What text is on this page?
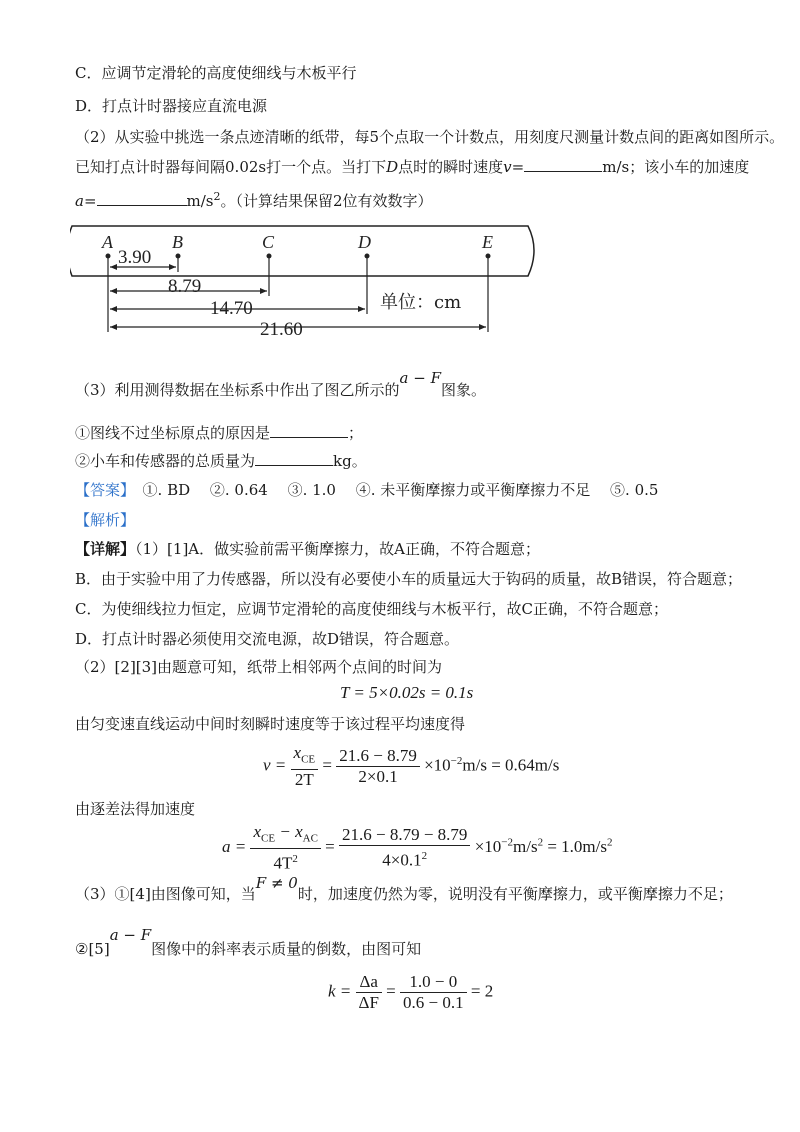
C．应调节定滑轮的高度使细线与木板平行
D．打点计时器接应直流电源
（2）从实验中挑选一条点迹清晰的纸带，每5个点取一个计数点，用刻度尺测量计数点间的距离如图所示。
已知打点计时器每间隔0.02s打一个点。当打下D点时的瞬时速度v=	m/s；该小车的加速度
a=	$m/s^2$。（计算结果保留2位有效数字）
A	B	C	D	E
3.90
8.79
14.70
21.60
单位：cm
（3）利用测得数据在坐标系中作出了图乙所示的a − F图象。
①图线不过坐标原点的原因是	；
②小车和传感器的总质量为	kg。
【答案】　 ①. BD　 ②. 0.64　 ③. 1.0　 ④. 未平衡摩擦力或平衡摩擦力不足　 ⑤. 0.5
【解析】
【详解】（1）[1]A．做实验前需平衡摩擦力，故A正确，不符合题意；
B．由于实验中用了力传感器，所以没有必要使小车的质量远大于钩码的质量，故B错误，符合题意；
C．为使细线拉力恒定，应调节定滑轮的高度使细线与木板平行，故C正确，不符合题意；
D．打点计时器必须使用交流电源，故D错误，符合题意。
（2）[2][3]由题意可知，纸带上相邻两个点间的时间为
T = 5×0.02s = 0.1s
由匀变速直线运动中间时刻瞬时速度等于该过程平均速度得
$v = \frac{x_{CE}}{2T} = \frac{21.6 - 8.79}{2\times 0.1} \times 10^{-2}m/s = 0.64m/s$
由逐差法得加速度
$a = \frac{x_{CE} - x_{AC}}{4T^2} = \frac{21.6 - 8.79 - 8.79}{4\times 0.1^2} \times 10^{-2}m/s^2 = 1.0m/s^2$
（3）①[4]由图像可知，当F ≠ 0时，加速度仍然为零，说明没有平衡摩擦力，或平衡摩擦力不足；
②[5]a − F图像中的斜率表示质量的倒数，由图可知
$k = \frac{\Delta a}{\Delta F} = \frac{1.0 - 0}{0.6 - 0.1} = 2$
